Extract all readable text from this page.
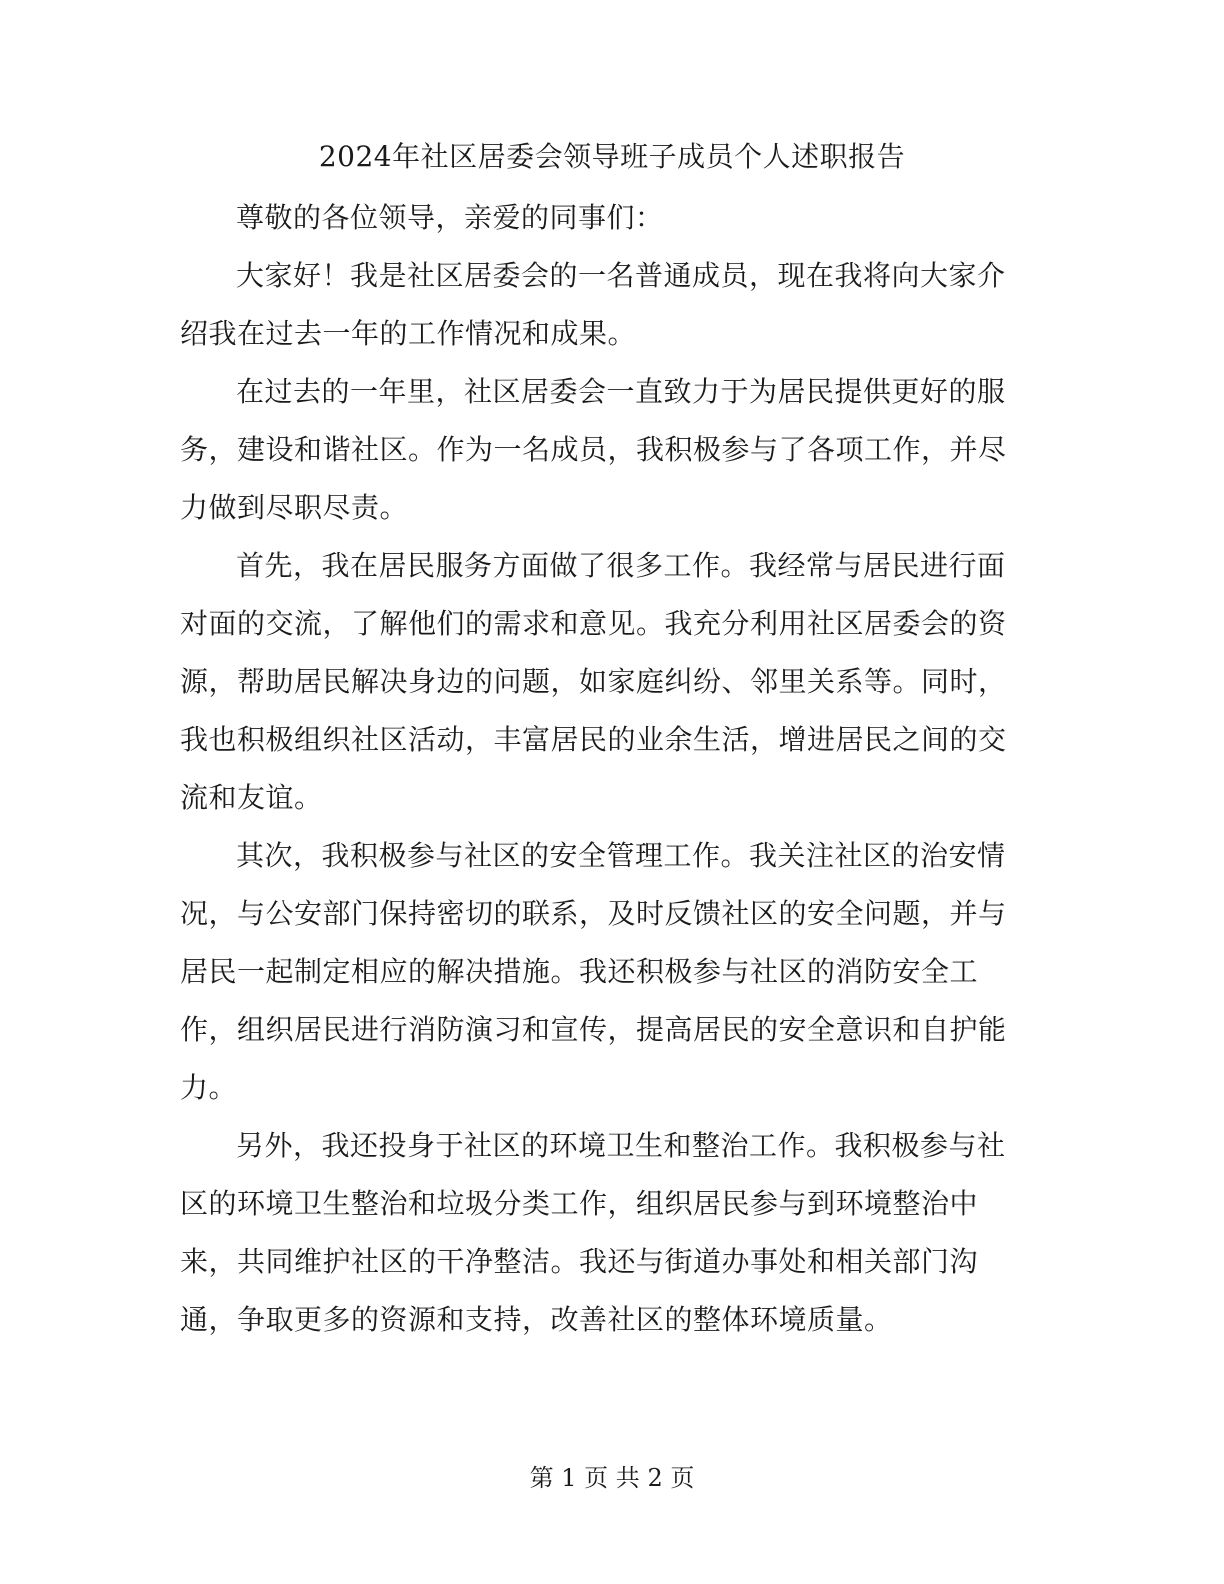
2024年社区居委会领导班子成员个人述职报告

尊敬的各位领导，亲爱的同事们：

大家好！我是社区居委会的一名普通成员，现在我将向大家介绍我在过去一年的工作情况和成果。

在过去的一年里，社区居委会一直致力于为居民提供更好的服务，建设和谐社区。作为一名成员，我积极参与了各项工作，并尽力做到尽职尽责。

首先，我在居民服务方面做了很多工作。我经常与居民进行面对面的交流，了解他们的需求和意见。我充分利用社区居委会的资源，帮助居民解决身边的问题，如家庭纠纷、邻里关系等。同时，我也积极组织社区活动，丰富居民的业余生活，增进居民之间的交流和友谊。

其次，我积极参与社区的安全管理工作。我关注社区的治安情况，与公安部门保持密切的联系，及时反馈社区的安全问题，并与居民一起制定相应的解决措施。我还积极参与社区的消防安全工作，组织居民进行消防演习和宣传，提高居民的安全意识和自护能力。

另外，我还投身于社区的环境卫生和整治工作。我积极参与社区的环境卫生整治和垃圾分类工作，组织居民参与到环境整治中来，共同维护社区的干净整洁。我还与街道办事处和相关部门沟通，争取更多的资源和支持，改善社区的整体环境质量。

第 1 页 共 2 页
